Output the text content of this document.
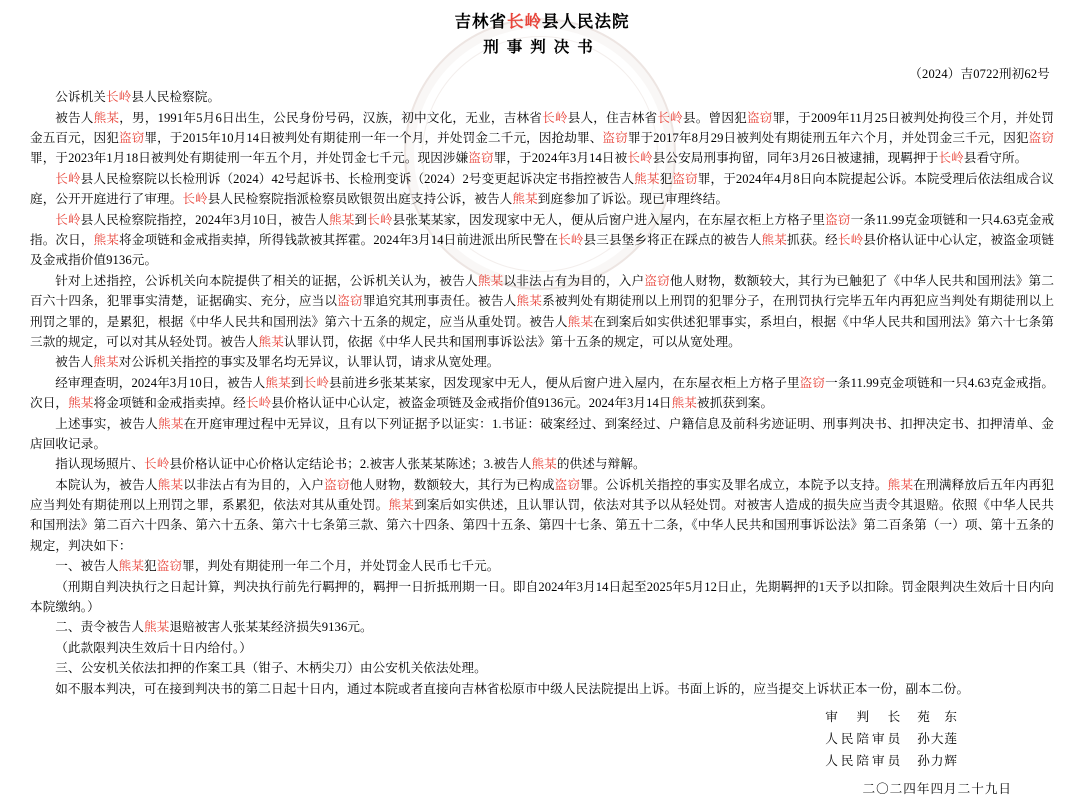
吉林省长岭县人民法院
刑事判决书
（2024）吉0722刑初62号

公诉机关长岭县人民检察院。

被告人熊某，男，1991年5月6日出生，公民身份号码，汉族，初中文化，无业，吉林省长岭县人，住吉林省长岭县。曾因犯盗窃罪，于2009年11月25日被判处拘役三个月，并处罚金五百元，因犯盗窃罪，于2015年10月14日被判处有期徒刑一年一个月，并处罚金二千元，因抢劫罪、盗窃罪于2017年8月29日被判处有期徒刑五年六个月，并处罚金三千元，因犯盗窃罪，于2023年1月18日被判处有期徒刑一年五个月，并处罚金七千元。现因涉嫌盗窃罪，于2024年3月14日被长岭县公安局刑事拘留，同年3月26日被逮捕，现羁押于长岭县看守所。

长岭县人民检察院以长检刑诉（2024）42号起诉书、长检刑变诉（2024）2号变更起诉决定书指控被告人熊某犯盗窃罪，于2024年4月8日向本院提起公诉。本院受理后依法组成合议庭，公开开庭进行了审理。长岭县人民检察院指派检察员欧银贺出庭支持公诉，被告人熊某到庭参加了诉讼。现已审理终结。

长岭县人民检察院指控，2024年3月10日，被告人熊某到长岭县张某某家，因发现家中无人，便从后窗户进入屋内，在东屋衣柜上方格子里盗窃一条11.99克金项链和一只4.63克金戒指。次日，熊某将金项链和金戒指卖掉，所得钱款被其挥霍。2024年3月14日前进派出所民警在长岭县三县堡乡将正在踩点的被告人熊某抓获。经长岭县价格认证中心认定，被盗金项链及金戒指价值9136元。

针对上述指控，公诉机关向本院提供了相关的证据，公诉机关认为，被告人熊某以非法占有为目的，入户盗窃他人财物，数额较大，其行为已触犯了《中华人民共和国刑法》第二百六十四条，犯罪事实清楚，证据确实、充分，应当以盗窃罪追究其刑事责任。被告人熊某系被判处有期徒刑以上刑罚的犯罪分子，在刑罚执行完毕五年内再犯应当判处有期徒刑以上刑罚之罪的，是累犯，根据《中华人民共和国刑法》第六十五条的规定，应当从重处罚。被告人熊某在到案后如实供述犯罪事实，系坦白，根据《中华人民共和国刑法》第六十七条第三款的规定，可以对其从轻处罚。被告人熊某认罪认罚，依据《中华人民共和国刑事诉讼法》第十五条的规定，可以从宽处理。

被告人熊某对公诉机关指控的事实及罪名均无异议，认罪认罚，请求从宽处理。

经审理查明，2024年3月10日，被告人熊某到长岭县前进乡张某某家，因发现家中无人，便从后窗户进入屋内，在东屋衣柜上方格子里盗窃一条11.99克金项链和一只4.63克金戒指。次日，熊某将金项链和金戒指卖掉。经长岭县价格认证中心认定，被盗金项链及金戒指价值9136元。2024年3月14日熊某被抓获到案。

上述事实，被告人熊某在开庭审理过程中无异议，且有以下列证据予以证实：1.书证：破案经过、到案经过、户籍信息及前科劣迹证明、刑事判决书、扣押决定书、扣押清单、金店回收记录。

指认现场照片、长岭县价格认证中心价格认定结论书；2.被害人张某某陈述；3.被告人熊某的供述与辩解。

本院认为，被告人熊某以非法占有为目的，入户盗窃他人财物，数额较大，其行为已构成盗窃罪。公诉机关指控的事实及罪名成立，本院予以支持。熊某在刑满释放后五年内再犯应当判处有期徒刑以上刑罚之罪，系累犯，依法对其从重处罚。熊某到案后如实供述，且认罪认罚，依法对其予以从轻处罚。对被害人造成的损失应当责令其退赔。依照《中华人民共和国刑法》第二百六十四条、第六十五条、第六十七条第三款、第六十四条、第四十五条、第四十七条、第五十二条，《中华人民共和国刑事诉讼法》第二百条第（一）项、第十五条的规定，判决如下：

一、被告人熊某犯盗窃罪，判处有期徒刑一年二个月，并处罚金人民币七千元。

（刑期自判决执行之日起计算，判决执行前先行羁押的，羁押一日折抵刑期一日。即自2024年3月14日起至2025年5月12日止，先期羁押的1天予以扣除。罚金限判决生效后十日内向本院缴纳。）

二、责令被告人熊某退赔被害人张某某经济损失9136元。

（此款限判决生效后十日内给付。）

三、公安机关依法扣押的作案工具（钳子、木柄尖刀）由公安机关依法处理。

如不服本判决，可在接到判决书的第二日起十日内，通过本院或者直接向吉林省松原市中级人民法院提出上诉。书面上诉的，应当提交上诉状正本一份，副本二份。

审　判　长 苑　东
人民陪审员 孙大莲
人民陪审员 孙力辉
二〇二四年四月二十九日
